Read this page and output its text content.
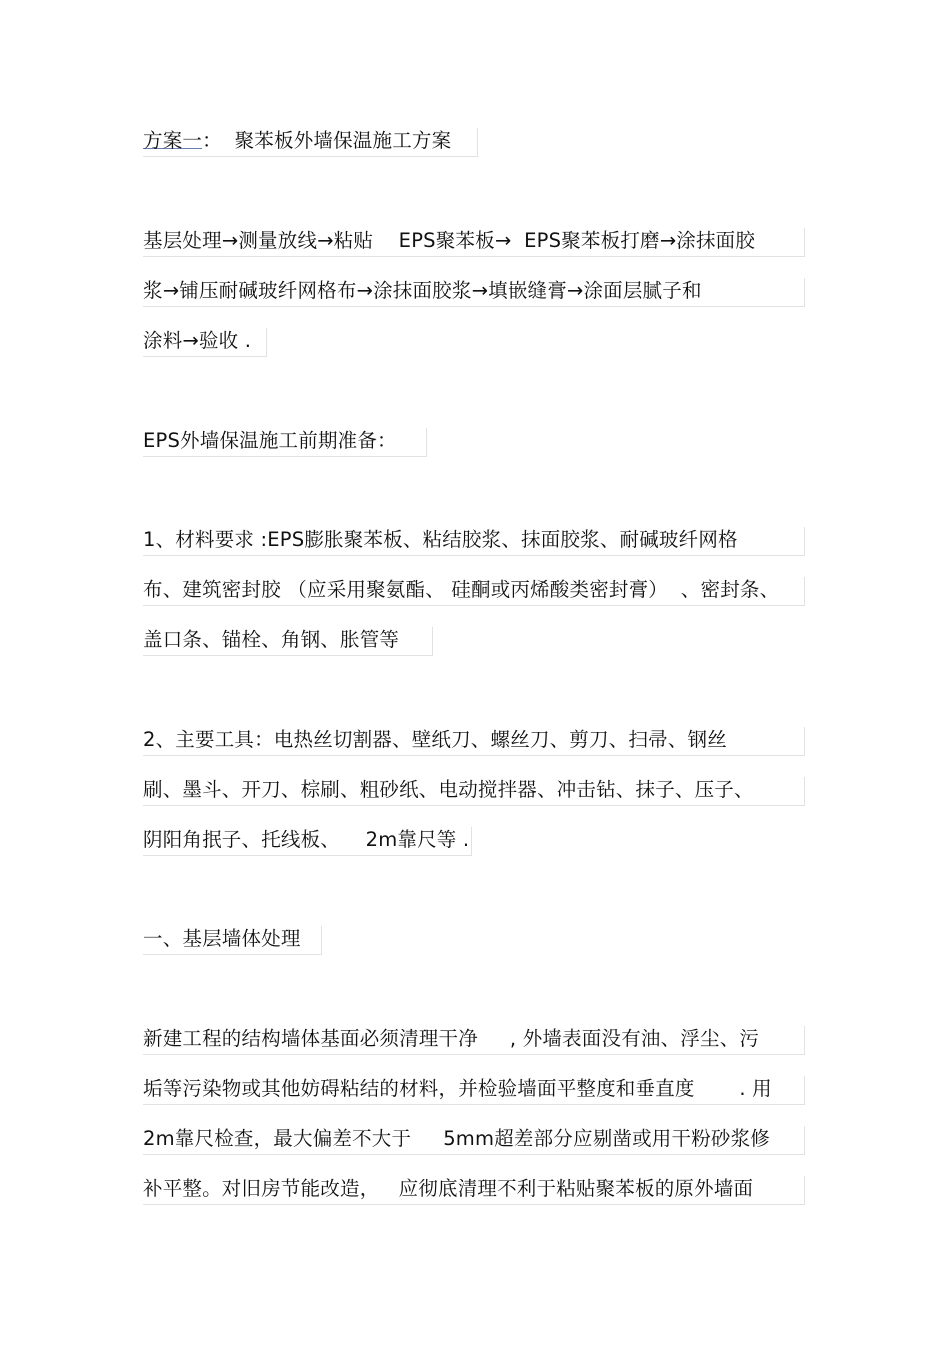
方案一：  聚苯板外墙保温施工方案
基层处理→测量放线→粘贴    EPS聚苯板→  EPS聚苯板打磨→涂抹面胶
浆→铺压耐碱玻纤网格布→涂抹面胶浆→填嵌缝膏→涂面层腻子和
涂料→验收 .
EPS外墙保温施工前期准备：
1、材料要求 :EPS膨胀聚苯板、粘结胶浆、抹面胶浆、耐碱玻纤网格
布、建筑密封胶 （应采用聚氨酯、 硅酮或丙烯酸类密封膏）  、密封条、
盖口条、锚栓、角钢、胀管等
2、主要工具：电热丝切割器、壁纸刀、螺丝刀、剪刀、扫帚、钢丝
刷、墨斗、开刀、棕刷、粗砂纸、电动搅拌器、冲击钻、抹子、压子、
阴阳角抿子、托线板、    2m靠尺等 .
一、基层墙体处理
新建工程的结构墙体基面必须清理干净     , 外墙表面没有油、浮尘、污
垢等污染物或其他妨碍粘结的材料，并检验墙面平整度和垂直度       . 用
2m靠尺检查，最大偏差不大于     5mm超差部分应剔凿或用干粉砂浆修
补平整。对旧房节能改造，   应彻底清理不利于粘贴聚苯板的原外墙面
